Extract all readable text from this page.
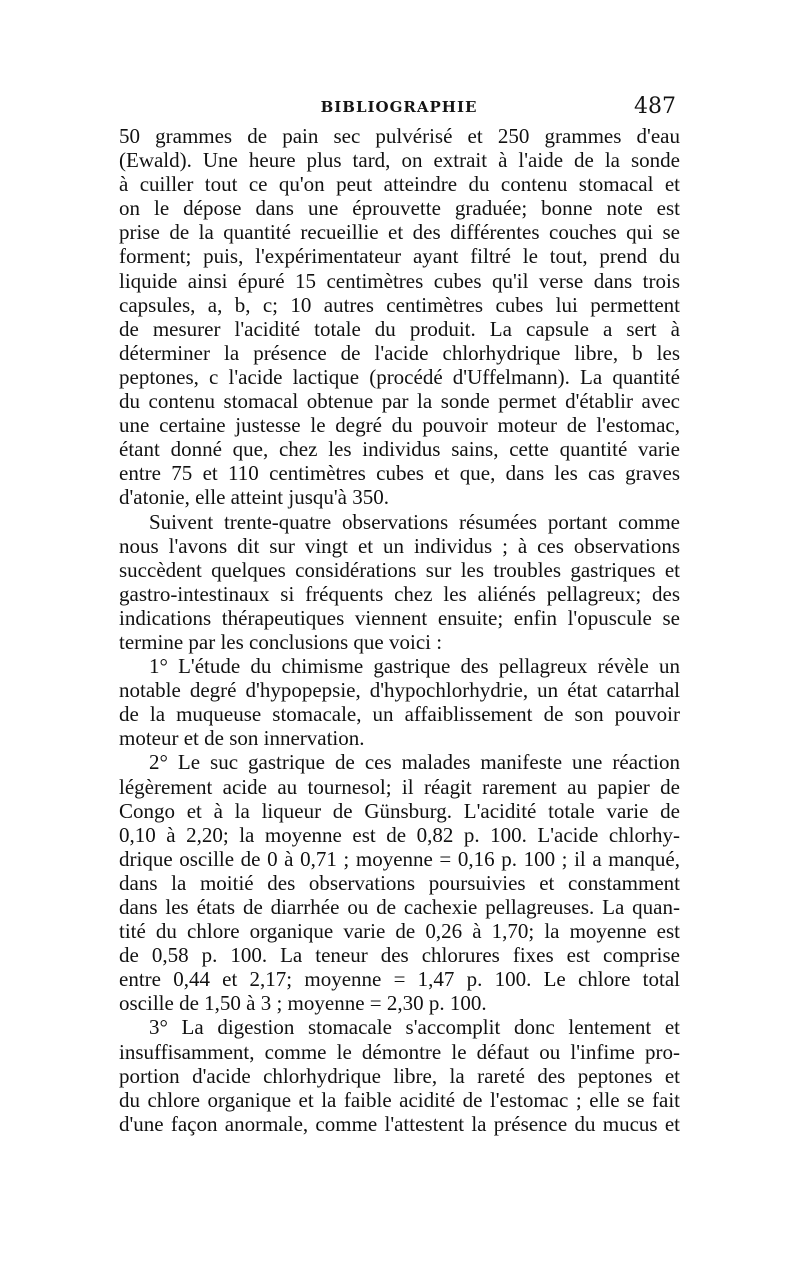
BIBLIOGRAPHIE	487
50 grammes de pain sec pulvérisé et 250 grammes d'eau
(Ewald). Une heure plus tard, on extrait à l'aide de la sonde
à cuiller tout ce qu'on peut atteindre du contenu stomacal et
on le dépose dans une éprouvette graduée; bonne note est
prise de la quantité recueillie et des différentes couches qui se
forment; puis, l'expérimentateur ayant filtré le tout, prend du
liquide ainsi épuré 15 centimètres cubes qu'il verse dans trois
capsules, a, b, c; 10 autres centimètres cubes lui permettent
de mesurer l'acidité totale du produit. La capsule a sert à
déterminer la présence de l'acide chlorhydrique libre, b les
peptones, c l'acide lactique (procédé d'Uffelmann). La quantité
du contenu stomacal obtenue par la sonde permet d'établir avec
une certaine justesse le degré du pouvoir moteur de l'estomac,
étant donné que, chez les individus sains, cette quantité varie
entre 75 et 110 centimètres cubes et que, dans les cas graves
d'atonie, elle atteint jusqu'à 350.
Suivent trente-quatre observations résumées portant comme
nous l'avons dit sur vingt et un individus ; à ces observations
succèdent quelques considérations sur les troubles gastriques et
gastro-intestinaux si fréquents chez les aliénés pellagreux; des
indications thérapeutiques viennent ensuite; enfin l'opuscule se
termine par les conclusions que voici :
1° L'étude du chimisme gastrique des pellagreux révèle un
notable degré d'hypopepsie, d'hypochlorhydrie, un état catarrhal
de la muqueuse stomacale, un affaiblissement de son pouvoir
moteur et de son innervation.
2° Le suc gastrique de ces malades manifeste une réaction
légèrement acide au tournesol; il réagit rarement au papier de
Congo et à la liqueur de Günsburg. L'acidité totale varie de
0,10 à 2,20; la moyenne est de 0,82 p. 100. L'acide chlorhy-
drique oscille de 0 à 0,71 ; moyenne = 0,16 p. 100 ; il a manqué,
dans la moitié des observations poursuivies et constamment
dans les états de diarrhée ou de cachexie pellagreuses. La quan-
tité du chlore organique varie de 0,26 à 1,70; la moyenne est
de 0,58 p. 100. La teneur des chlorures fixes est comprise
entre 0,44 et 2,17; moyenne = 1,47 p. 100. Le chlore total
oscille de 1,50 à 3 ; moyenne = 2,30 p. 100.
3° La digestion stomacale s'accomplit donc lentement et
insuffisamment, comme le démontre le défaut ou l'infime pro-
portion d'acide chlorhydrique libre, la rareté des peptones et
du chlore organique et la faible acidité de l'estomac ; elle se fait
d'une façon anormale, comme l'attestent la présence du mucus et
